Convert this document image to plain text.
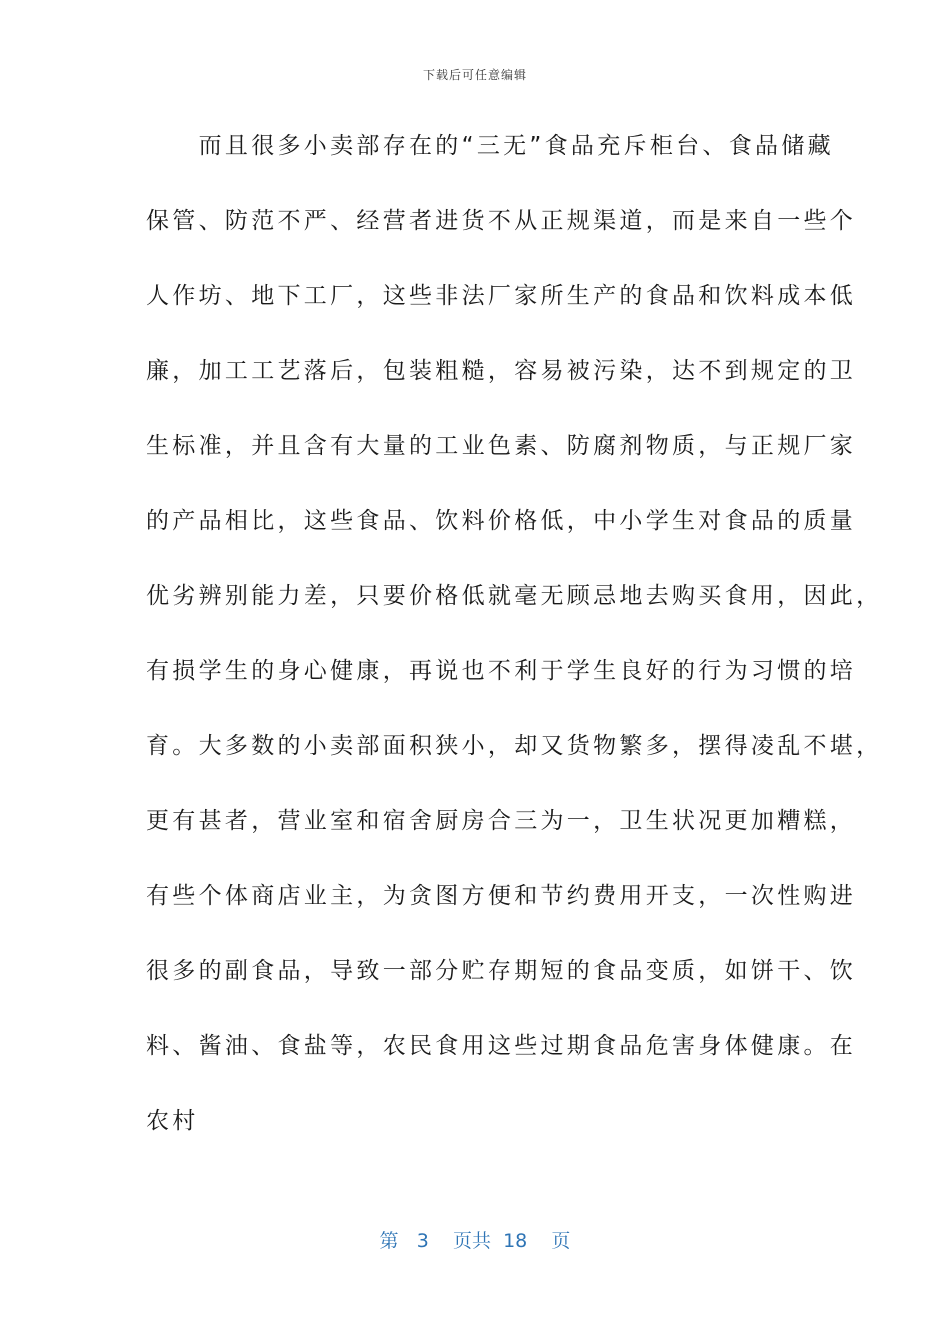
下载后可任意编辑
　　而且很多小卖部存在的“三无”食品充斥柜台、食品储藏
保管、防范不严、经营者进货不从正规渠道，而是来自一些个
人作坊、地下工厂，这些非法厂家所生产的食品和饮料成本低
廉，加工工艺落后，包装粗糙，容易被污染，达不到规定的卫
生标准，并且含有大量的工业色素、防腐剂物质，与正规厂家
的产品相比，这些食品、饮料价格低，中小学生对食品的质量
优劣辨别能力差，只要价格低就毫无顾忌地去购买食用，因此，
有损学生的身心健康，再说也不利于学生良好的行为习惯的培
育。大多数的小卖部面积狭小，却又货物繁多，摆得凌乱不堪，
更有甚者，营业室和宿舍厨房合三为一，卫生状况更加糟糕，
有些个体商店业主，为贪图方便和节约费用开支，一次性购进
很多的副食品，导致一部分贮存期短的食品变质，如饼干、饮
料、酱油、食盐等，农民食用这些过期食品危害身体健康。在
农村
第 3 页共 18 页
